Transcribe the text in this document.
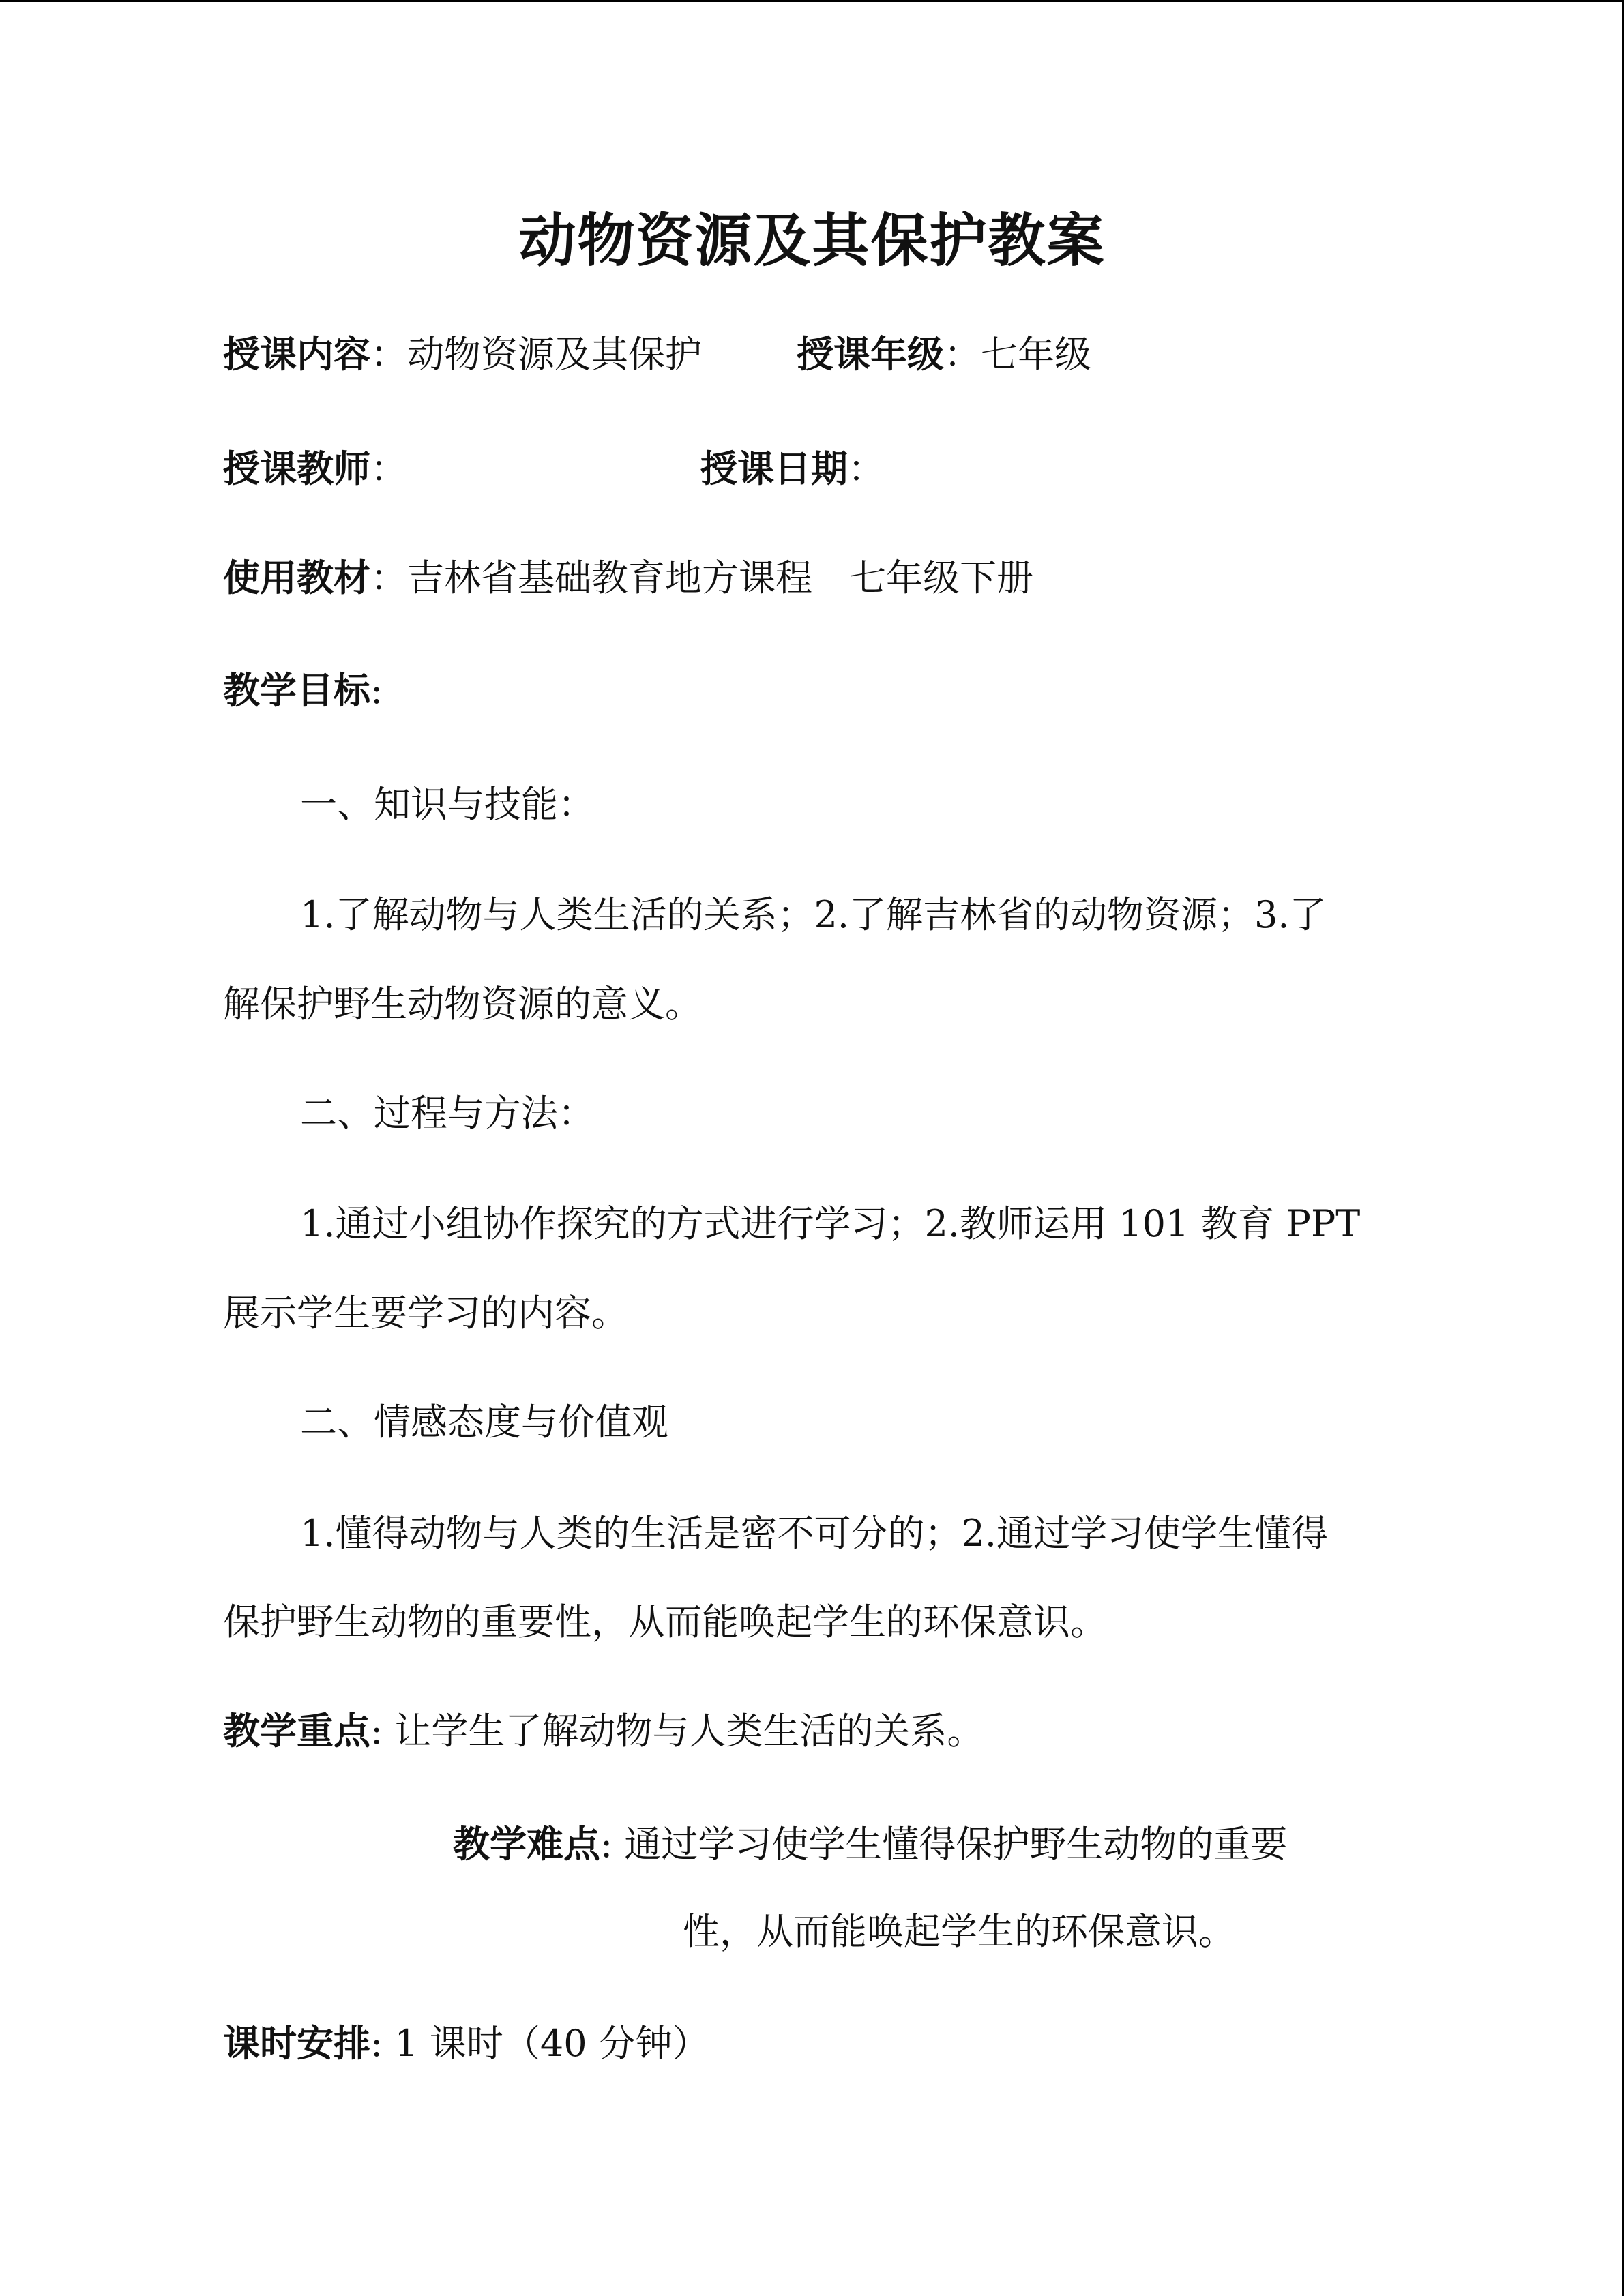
动物资源及其保护教案
授课内容：动物资源及其保护	授课年级：七年级
授课教师：	授课日期：
使用教材：吉林省基础教育地方课程　七年级下册
教学目标:
一、知识与技能：
1.了解动物与人类生活的关系；2.了解吉林省的动物资源；3.了
解保护野生动物资源的意义。
二、过程与方法：
1.通过小组协作探究的方式进行学习；2.教师运用 101 教育 PPT
展示学生要学习的内容。
二、情感态度与价值观
1.懂得动物与人类的生活是密不可分的；2.通过学习使学生懂得
保护野生动物的重要性，从而能唤起学生的环保意识。
教学重点: 让学生了解动物与人类生活的关系。
教学难点: 通过学习使学生懂得保护野生动物的重要
性，从而能唤起学生的环保意识。
课时安排: 1 课时（40 分钟）
